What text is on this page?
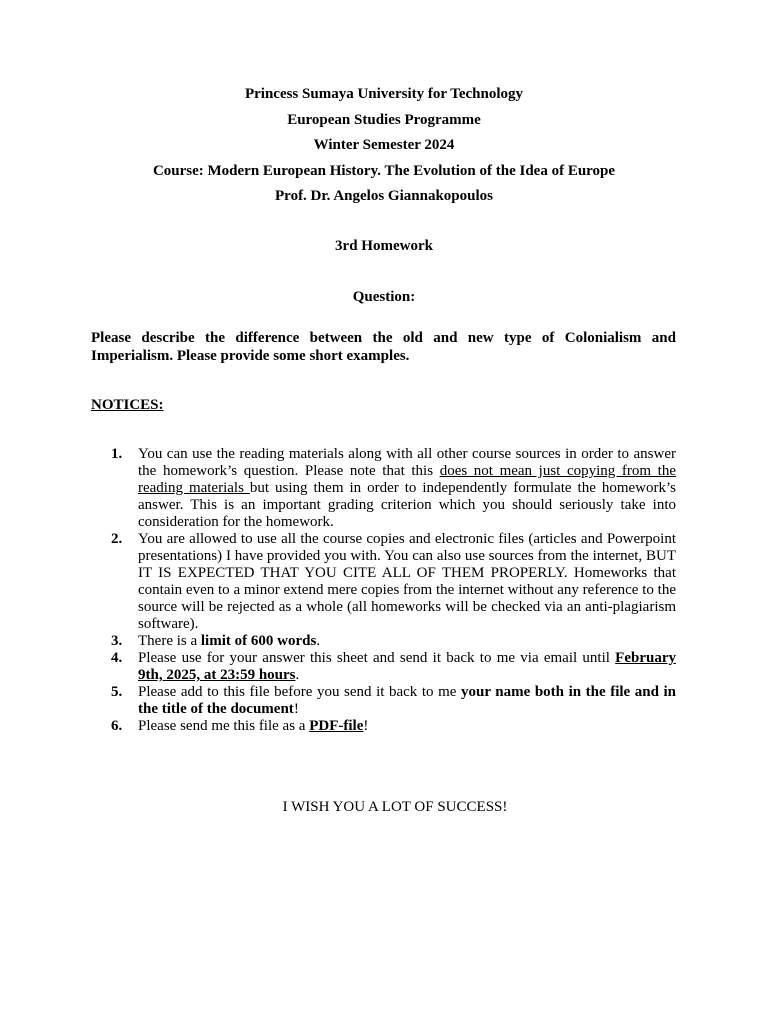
Princess Sumaya University for Technology
European Studies Programme
Winter Semester 2024
Course: Modern European History. The Evolution of the Idea of Europe
Prof. Dr. Angelos Giannakopoulos
3rd Homework
Question:
Please describe the difference between the old and new type of Colonialism and Imperialism. Please provide some short examples.
NOTICES:
1. You can use the reading materials along with all other course sources in order to answer the homework’s question. Please note that this does not mean just copying from the reading materials but using them in order to independently formulate the homework’s answer. This is an important grading criterion which you should seriously take into consideration for the homework.
2. You are allowed to use all the course copies and electronic files (articles and Powerpoint presentations) I have provided you with. You can also use sources from the internet, BUT IT IS EXPECTED THAT YOU CITE ALL OF THEM PROPERLY. Homeworks that contain even to a minor extend mere copies from the internet without any reference to the source will be rejected as a whole (all homeworks will be checked via an anti-plagiarism software).
3. There is a limit of 600 words.
4. Please use for your answer this sheet and send it back to me via email until February 9th, 2025, at 23:59 hours.
5. Please add to this file before you send it back to me your name both in the file and in the title of the document!
6. Please send me this file as a PDF-file!
I WISH YOU A LOT OF SUCCESS!
